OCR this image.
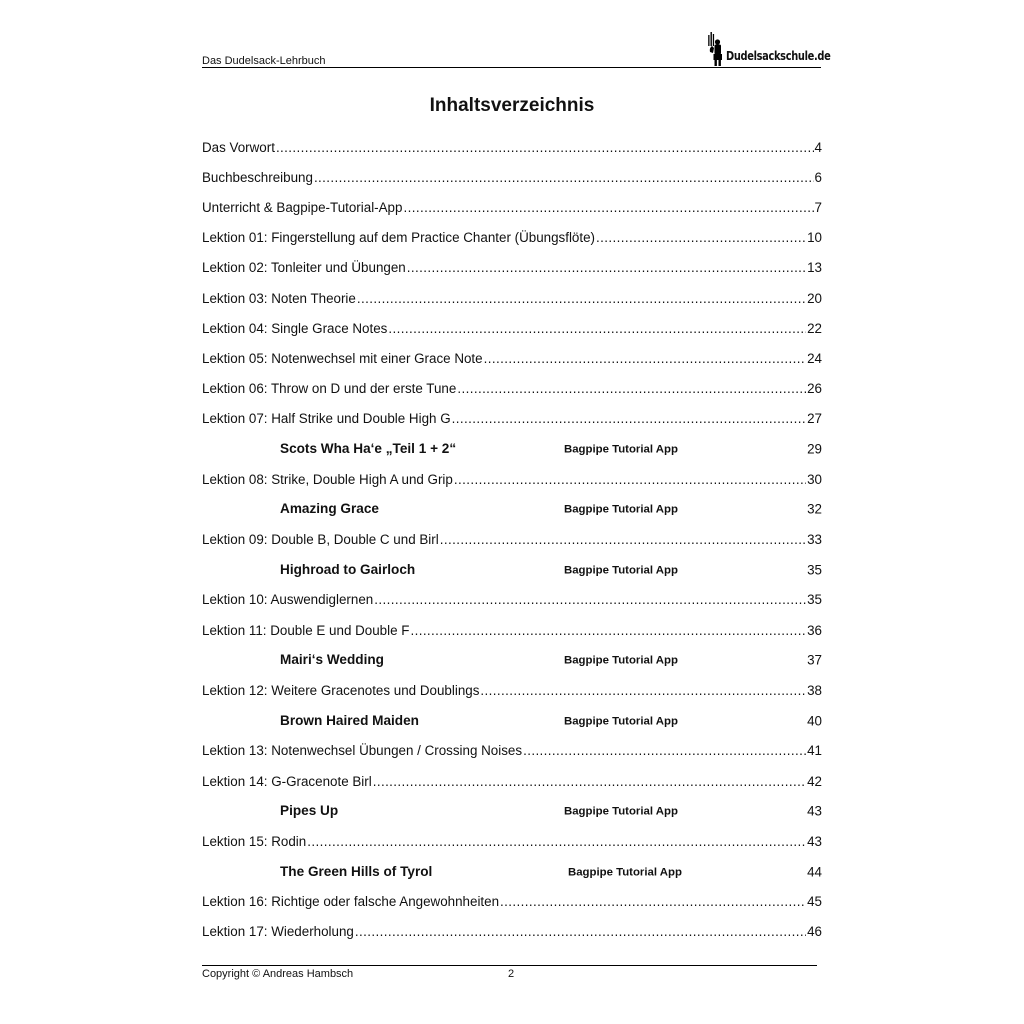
Das Dudelsack-Lehrbuch	Dudelsackschule.de
Inhaltsverzeichnis
Das Vorwort .....	4
Buchbeschreibung .....	6
Unterricht & Bagpipe-Tutorial-App .....	7
Lektion 01: Fingerstellung auf dem Practice Chanter (Übungsflöte) .....	10
Lektion 02: Tonleiter und Übungen .....	13
Lektion 03: Noten Theorie .....	20
Lektion 04: Single Grace Notes .....	22
Lektion 05: Notenwechsel mit einer Grace Note .....	24
Lektion 06: Throw on D und der erste Tune .....	26
Lektion 07: Half Strike und Double High G .....	27
Scots Wha Ha‘e „Teil 1 + 2“	Bagpipe Tutorial App	29
Lektion 08: Strike, Double High A und Grip .....	30
Amazing Grace	Bagpipe Tutorial App	32
Lektion 09: Double B, Double C und Birl .....	33
Highroad to Gairloch	Bagpipe Tutorial App	35
Lektion 10: Auswendiglernen .....	35
Lektion 11: Double E und Double F .....	36
Mairi‘s Wedding	Bagpipe Tutorial App	37
Lektion 12: Weitere Gracenotes und Doublings .....	38
Brown Haired Maiden	Bagpipe Tutorial App	40
Lektion 13: Notenwechsel Übungen / Crossing Noises .....	41
Lektion 14: G-Gracenote Birl .....	42
Pipes Up	Bagpipe Tutorial App	43
Lektion 15: Rodin .....	43
The Green Hills of Tyrol	Bagpipe Tutorial App	44
Lektion 16: Richtige oder falsche Angewohnheiten .....	45
Lektion 17: Wiederholung .....	46
Copyright © Andreas Hambsch	2
